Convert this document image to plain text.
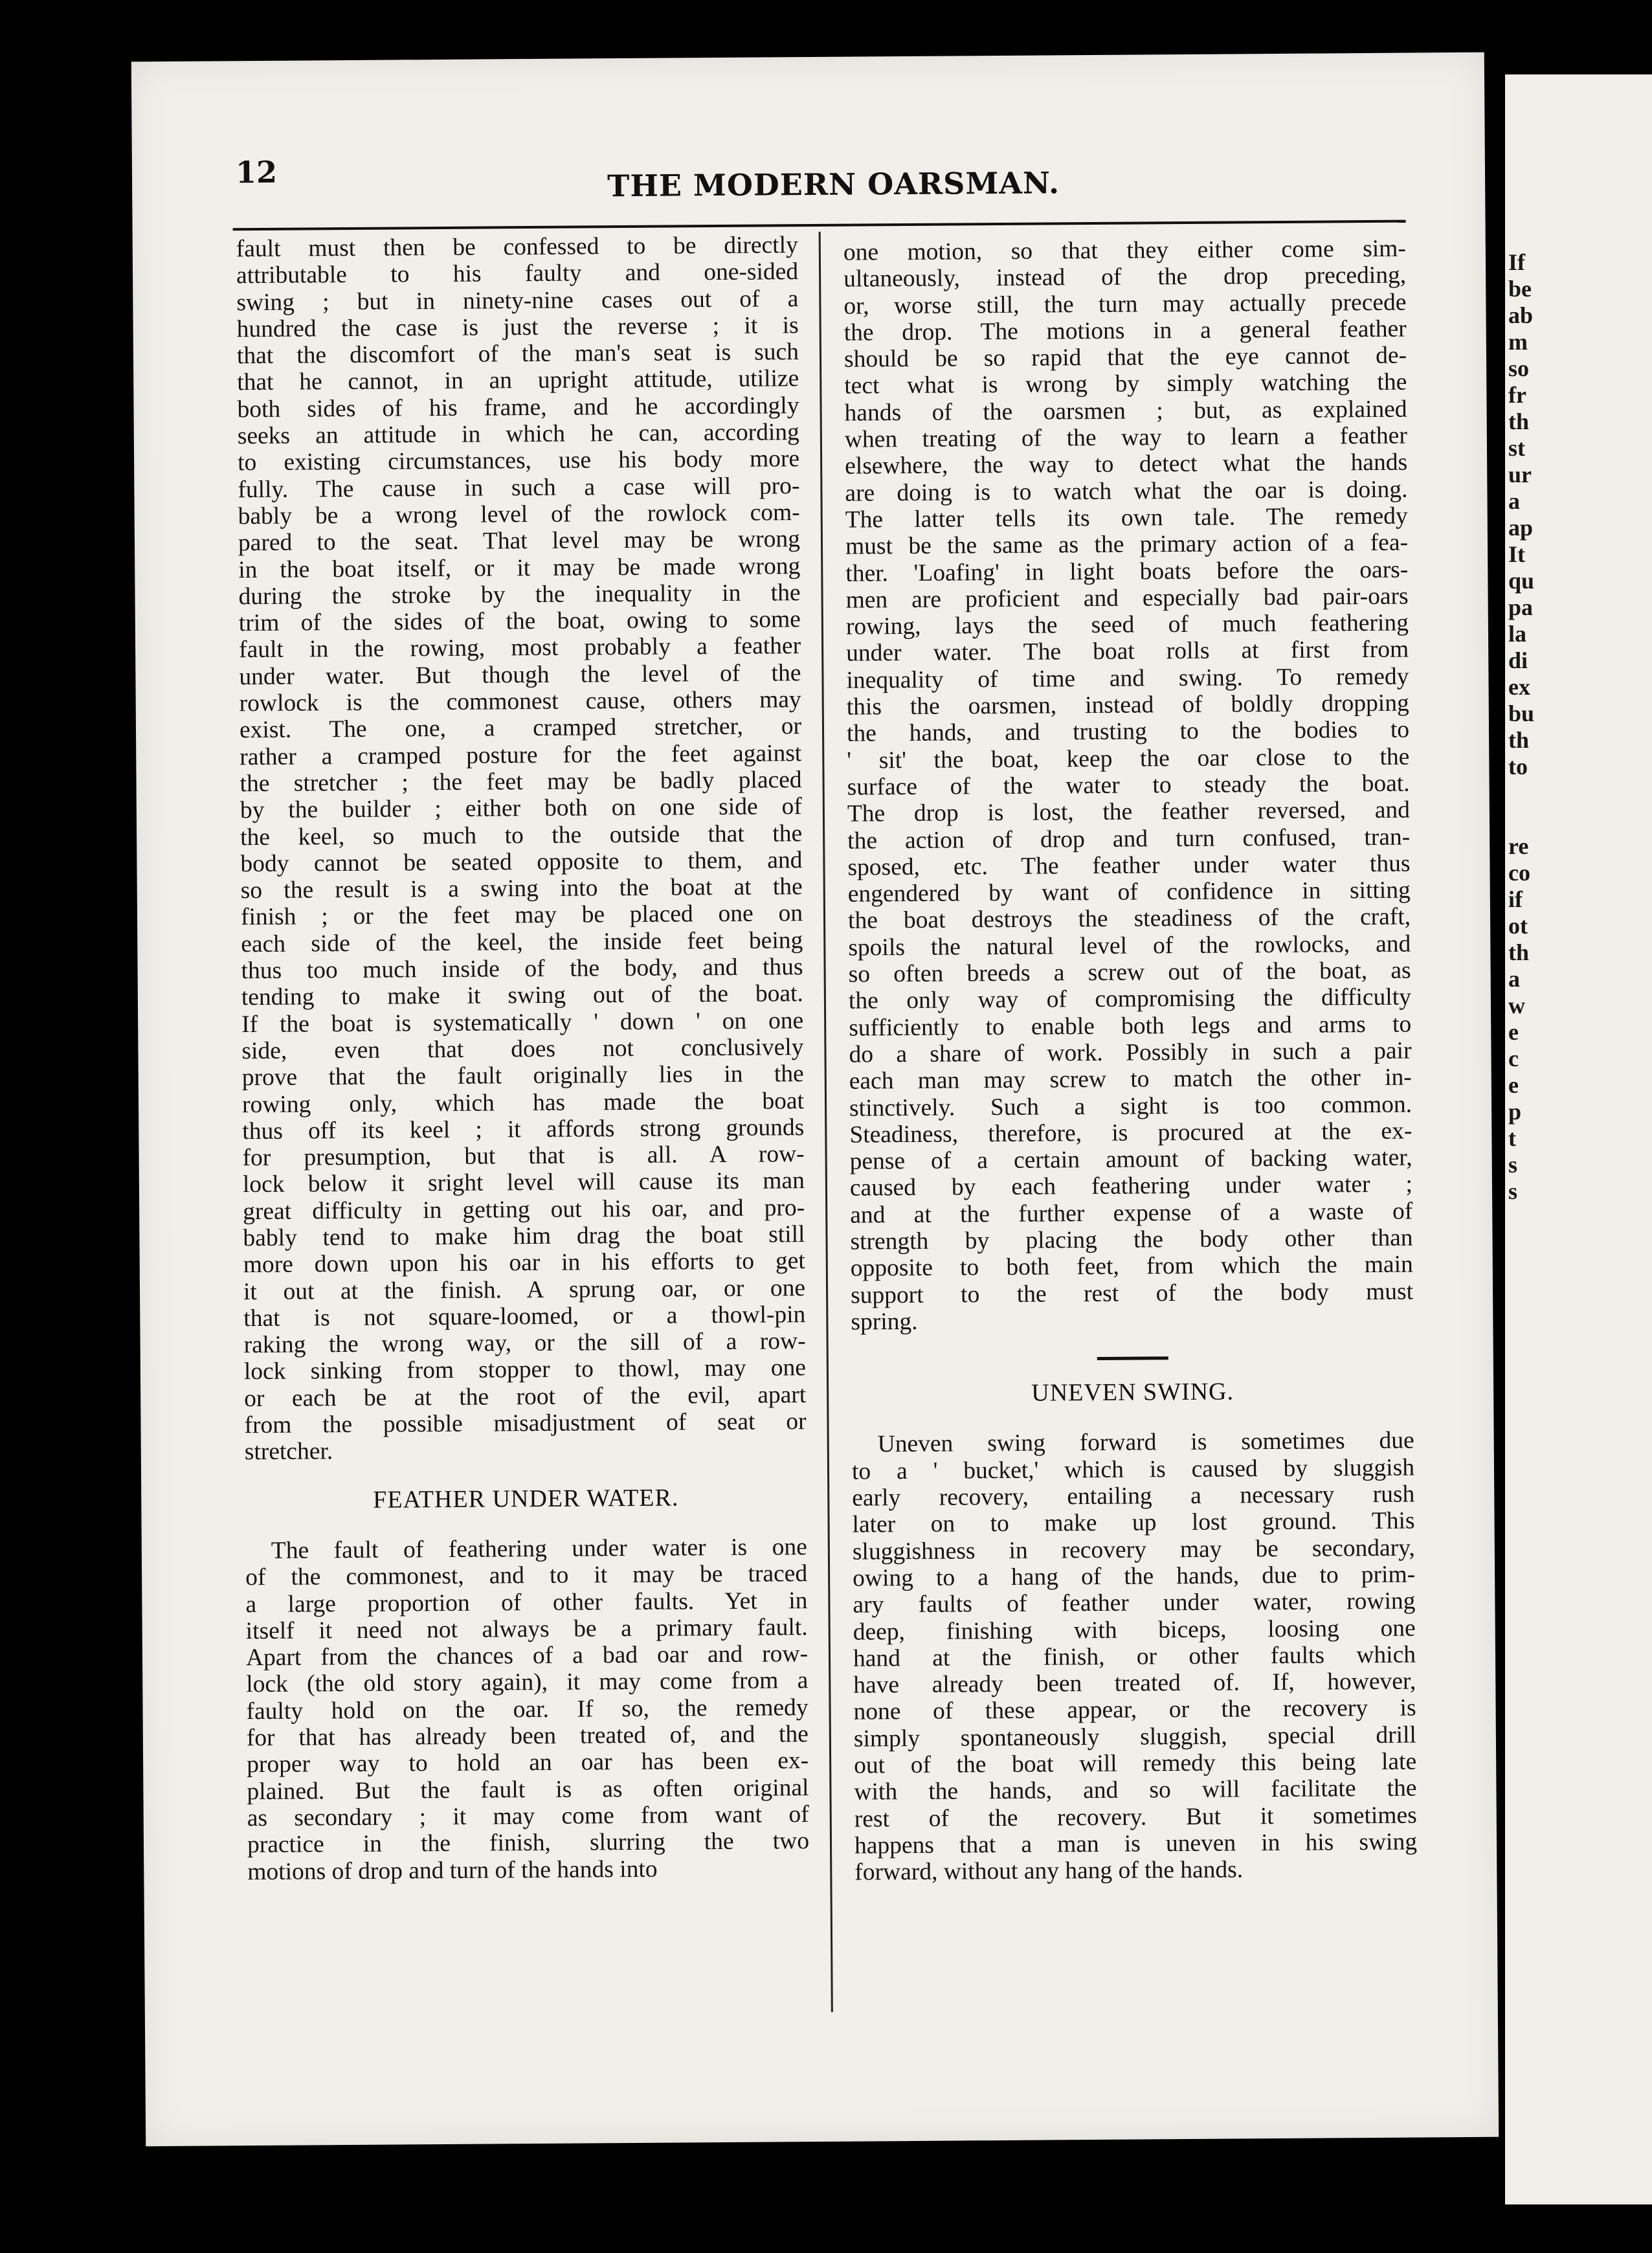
12	THE MODERN OARSMAN.
fault must then be confessed to be directly
attributable to his faulty and one-sided
swing ; but in ninety-nine cases out of a
hundred the case is just the reverse ; it is
that the discomfort of the man's seat is such
that he cannot, in an upright attitude, utilize
both sides of his frame, and he accordingly
seeks an attitude in which he can, according
to existing circumstances, use his body more
fully. The cause in such a case will pro-
bably be a wrong level of the rowlock com-
pared to the seat. That level may be wrong
in the boat itself, or it may be made wrong
during the stroke by the inequality in the
trim of the sides of the boat, owing to some
fault in the rowing, most probably a feather
under water. But though the level of the
rowlock is the commonest cause, others may
exist. The one, a cramped stretcher, or
rather a cramped posture for the feet against
the stretcher ; the feet may be badly placed
by the builder ; either both on one side of
the keel, so much to the outside that the
body cannot be seated opposite to them, and
so the result is a swing into the boat at the
finish ; or the feet may be placed one on
each side of the keel, the inside feet being
thus too much inside of the body, and thus
tending to make it swing out of the boat.
If the boat is systematically ' down ' on one
side, even that does not conclusively
prove that the fault originally lies in the
rowing only, which has made the boat
thus off its keel ; it affords strong grounds
for presumption, but that is all. A row-
lock below it sright level will cause its man
great difficulty in getting out his oar, and pro-
bably tend to make him drag the boat still
more down upon his oar in his efforts to get
it out at the finish. A sprung oar, or one
that is not square-loomed, or a thowl-pin
raking the wrong way, or the sill of a row-
lock sinking from stopper to thowl, may one
or each be at the root of the evil, apart
from the possible misadjustment of seat or
stretcher.
FEATHER UNDER WATER.
The fault of feathering under water is one
of the commonest, and to it may be traced
a large proportion of other faults. Yet in
itself it need not always be a primary fault.
Apart from the chances of a bad oar and row-
lock (the old story again), it may come from a
faulty hold on the oar. If so, the remedy
for that has already been treated of, and the
proper way to hold an oar has been ex-
plained. But the fault is as often original
as secondary ; it may come from want of
practice in the finish, slurring the two
motions of drop and turn of the hands into
one motion, so that they either come sim-
ultaneously, instead of the drop preceding,
or, worse still, the turn may actually precede
the drop. The motions in a general feather
should be so rapid that the eye cannot de-
tect what is wrong by simply watching the
hands of the oarsmen ; but, as explained
when treating of the way to learn a feather
elsewhere, the way to detect what the hands
are doing is to watch what the oar is doing.
The latter tells its own tale. The remedy
must be the same as the primary action of a fea-
ther. 'Loafing' in light boats before the oars-
men are proficient and especially bad pair-oars
rowing, lays the seed of much feathering
under water. The boat rolls at first from
inequality of time and swing. To remedy
this the oarsmen, instead of boldly dropping
the hands, and trusting to the bodies to
' sit' the boat, keep the oar close to the
surface of the water to steady the boat.
The drop is lost, the feather reversed, and
the action of drop and turn confused, tran-
sposed, etc. The feather under water thus
engendered by want of confidence in sitting
the boat destroys the steadiness of the craft,
spoils the natural level of the rowlocks, and
so often breeds a screw out of the boat, as
the only way of compromising the difficulty
sufficiently to enable both legs and arms to
do a share of work. Possibly in such a pair
each man may screw to match the other in-
stinctively. Such a sight is too common.
Steadiness, therefore, is procured at the ex-
pense of a certain amount of backing water,
caused by each feathering under water ;
and at the further expense of a waste of
strength by placing the body other than
opposite to both feet, from which the main
support to the rest of the body must
spring.
UNEVEN SWING.
Uneven swing forward is sometimes due
to a ' bucket,' which is caused by sluggish
early recovery, entailing a necessary rush
later on to make up lost ground. This
sluggishness in recovery may be secondary,
owing to a hang of the hands, due to prim-
ary faults of feather under water, rowing
deep, finishing with biceps, loosing one
hand at the finish, or other faults which
have already been treated of. If, however,
none of these appear, or the recovery is
simply spontaneously sluggish, special drill
out of the boat will remedy this being late
with the hands, and so will facilitate the
rest of the recovery. But it sometimes
happens that a man is uneven in his swing
forward, without any hang of the hands.
If
be
ab
m
so
fr
th
st
ur
a
ap
It
qu
pa
la
di
ex
bu
th
to
re
co
if
ot
th
a
w
e
c
e
p
t
s
s
